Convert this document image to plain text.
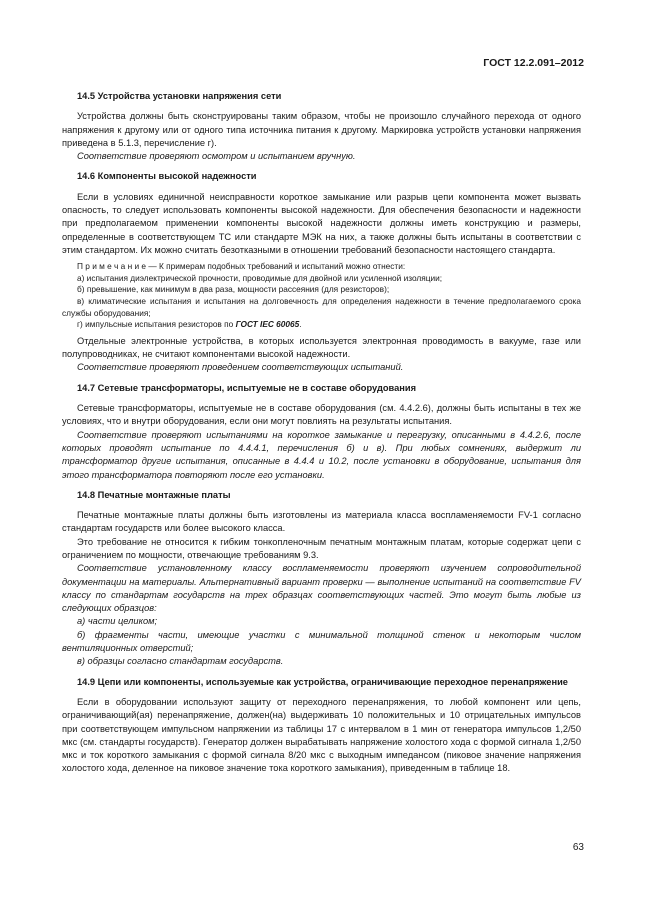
ГОСТ 12.2.091–2012

14.5 Устройства установки напряжения сети

Устройства должны быть сконструированы таким образом, чтобы не произошло случайного перехода от одного напряжения к другому или от одного типа источника питания к другому. Маркировка устройств установки напряжения приведена в 5.1.3, перечисление г).

Соответствие проверяют осмотром и испытанием вручную.

14.6 Компоненты высокой надежности

Если в условиях единичной неисправности короткое замыкание или разрыв цепи компонента может вызвать опасность, то следует использовать компоненты высокой надежности. Для обеспечения безопасности и надежности при предполагаемом применении компоненты высокой надежности должны иметь конструкцию и размеры, определенные в соответствующем ТС или стандарте МЭК на них, а также должны быть испытаны в соответствии с этим стандартом. Их можно считать безотказными в отношении требований безопасности настоящего стандарта.

П р и м е ч а н и е — К примерам подобных требований и испытаний можно отнести:

а) испытания диэлектрической прочности, проводимые для двойной или усиленной изоляции;

б) превышение, как минимум в два раза, мощности рассеяния (для резисторов);

в) климатические испытания и испытания на долговечность для определения надежности в течение предполагаемого срока службы оборудования;

г) импульсные испытания резисторов по ГОСТ IEC 60065.

Отдельные электронные устройства, в которых используется электронная проводимость в вакууме, газе или полупроводниках, не считают компонентами высокой надежности.

Соответствие проверяют проведением соответствующих испытаний.

14.7 Сетевые трансформаторы, испытуемые не в составе оборудования

Сетевые трансформаторы, испытуемые не в составе оборудования (см. 4.4.2.6), должны быть испытаны в тех же условиях, что и внутри оборудования, если они могут повлиять на результаты испытания.

Соответствие проверяют испытаниями на короткое замыкание и перегрузку, описанными в 4.4.2.6, после которых проводят испытание по 4.4.4.1, перечисления б) и в). При любых сомнениях, выдержит ли трансформатор другие испытания, описанные в 4.4.4 и 10.2, после установки в оборудование, испытания для этого трансформатора повторяют после его установки.

14.8 Печатные монтажные платы

Печатные монтажные платы должны быть изготовлены из материала класса воспламеняемости FV-1 согласно стандартам государств или более высокого класса.

Это требование не относится к гибким тонкопленочным печатным монтажным платам, которые содержат цепи с ограничением по мощности, отвечающие требованиям 9.3.

Соответствие установленному классу воспламеняемости проверяют изучением сопроводительной документации на материалы. Альтернативный вариант проверки — выполнение испытаний на соответствие FV классу по стандартам государств на трех образцах соответствующих частей. Это могут быть любые из следующих образцов:

а) части целиком;

б) фрагменты части, имеющие участки с минимальной толщиной стенок и некоторым числом вентиляционных отверстий;

в) образцы согласно стандартам государств.

14.9 Цепи или компоненты, используемые как устройства, ограничивающие переходное перенапряжение

Если в оборудовании используют защиту от переходного перенапряжения, то любой компонент или цепь, ограничивающий(ая) перенапряжение, должен(на) выдерживать 10 положительных и 10 отрицательных импульсов при соответствующем импульсном напряжении из таблицы 17 с интервалом в 1 мин от генератора импульсов 1,2/50 мкс (см. стандарты государств). Генератор должен вырабатывать напряжение холостого хода с формой сигнала 1,2/50 мкс и ток короткого замыкания с формой сигнала 8/20 мкс с выходным импедансом (пиковое значение напряжения холостого хода, деленное на пиковое значение тока короткого замыкания), приведенным в таблице 18.

63
